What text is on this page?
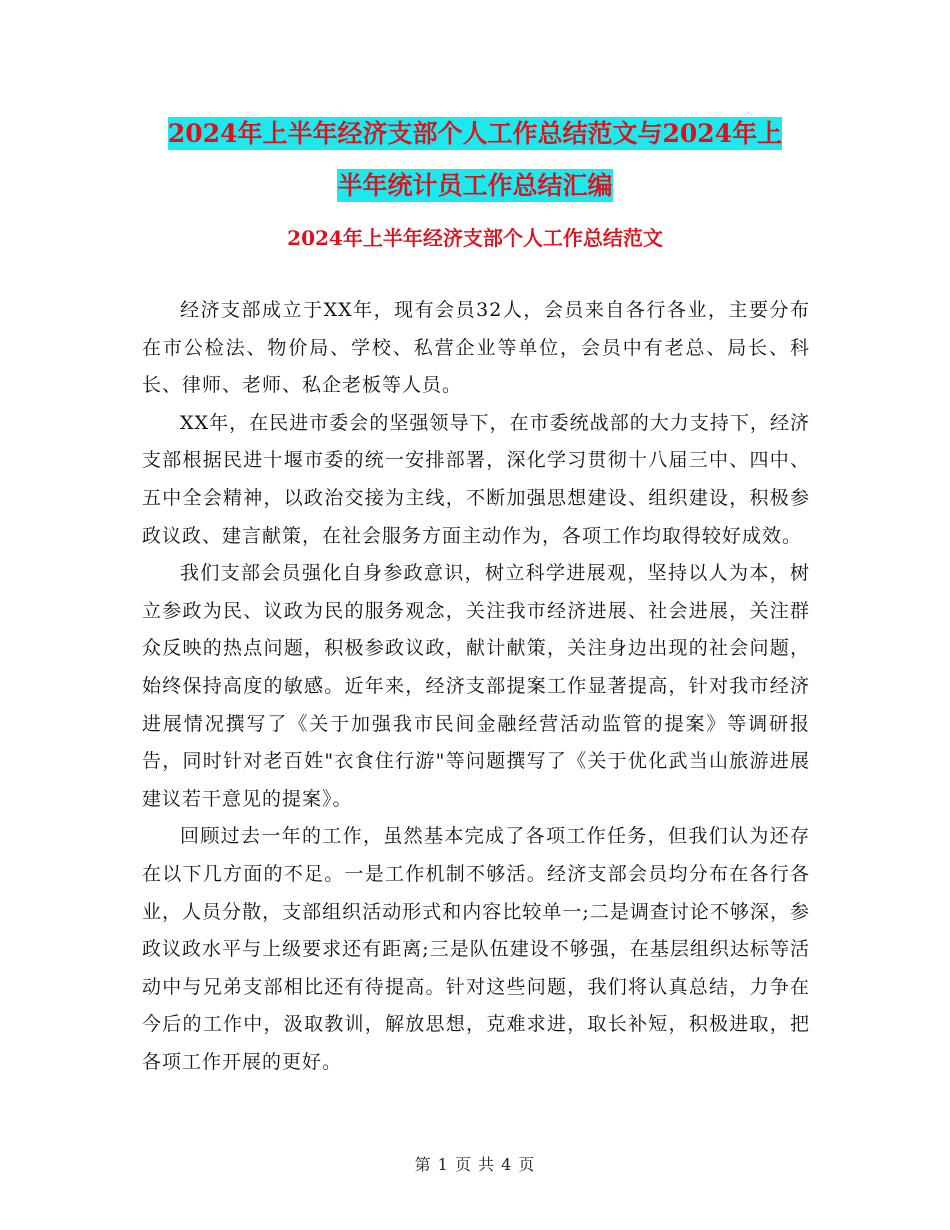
2024年上半年经济支部个人工作总结范文与2024年上
半年统计员工作总结汇编
2024年上半年经济支部个人工作总结范文

经济支部成立于XX年，现有会员32人，会员来自各行各业，主要分布在市公检法、物价局、学校、私营企业等单位，会员中有老总、局长、科长、律师、老师、私企老板等人员。

XX年，在民进市委会的坚强领导下，在市委统战部的大力支持下，经济支部根据民进十堰市委的统一安排部署，深化学习贯彻十八届三中、四中、五中全会精神，以政治交接为主线，不断加强思想建设、组织建设，积极参政议政、建言献策，在社会服务方面主动作为，各项工作均取得较好成效。

我们支部会员强化自身参政意识，树立科学进展观，坚持以人为本，树立参政为民、议政为民的服务观念，关注我市经济进展、社会进展，关注群众反映的热点问题，积极参政议政，献计献策，关注身边出现的社会问题，始终保持高度的敏感。近年来，经济支部提案工作显著提高，针对我市经济进展情况撰写了《关于加强我市民间金融经营活动监管的提案》等调研报告，同时针对老百姓"衣食住行游"等问题撰写了《关于优化武当山旅游进展建议若干意见的提案》。

回顾过去一年的工作，虽然基本完成了各项工作任务，但我们认为还存在以下几方面的不足。一是工作机制不够活。经济支部会员均分布在各行各业，人员分散，支部组织活动形式和内容比较单一;二是调查讨论不够深，参政议政水平与上级要求还有距离;三是队伍建设不够强，在基层组织达标等活动中与兄弟支部相比还有待提高。针对这些问题，我们将认真总结，力争在今后的工作中，汲取教训，解放思想，克难求进，取长补短，积极进取，把各项工作开展的更好。

第 1 页 共 4 页
